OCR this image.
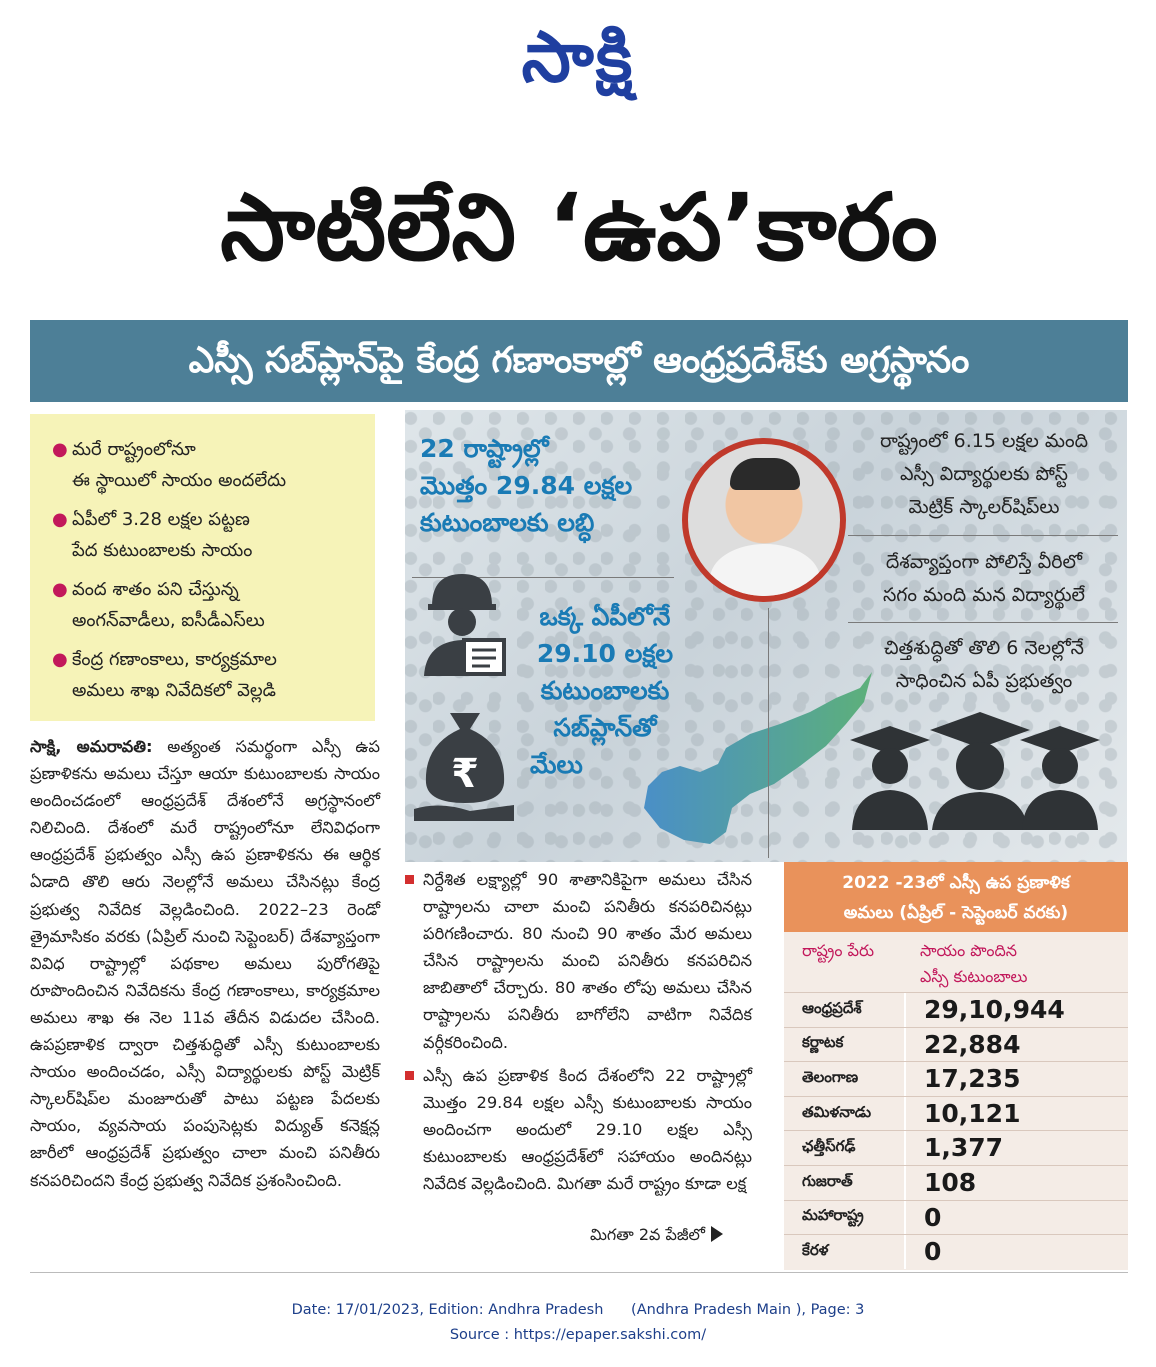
సాక్షి
సాటిలేని ‘ఉప’కారం
ఎస్సీ సబ్‌ప్లాన్‌పై కేంద్ర గణాంకాల్లో ఆంధ్రప్రదేశ్‌కు అగ్రస్థానం
● మరే రాష్ట్రంలోనూ
ఈ స్థాయిలో సాయం అందలేదు
● ఏపీలో 3.28 లక్షల పట్టణ
పేద కుటుంబాలకు సాయం
● వంద శాతం పని చేస్తున్న
అంగన్‌వాడీలు, ఐసీడీఎస్‌లు
● కేంద్ర గణాంకాలు, కార్యక్రమాల
అమలు శాఖ నివేదికలో వెల్లడి
22 రాష్ట్రాల్లో
మొత్తం 29.84 లక్షల
కుటుంబాలకు లబ్ధి
₹
ఒక్క ఏపీలోనే
29.10 లక్షల
కుటుంబాలకు
సబ్‌ప్లాన్‌తో
మేలు
రాష్ట్రంలో 6.15 లక్షల మంది
ఎస్సీ విద్యార్థులకు పోస్ట్
మెట్రిక్ స్కాలర్‌షిప్‌లు
దేశవ్యాప్తంగా పోలిస్తే వీరిలో
సగం మంది మన విద్యార్థులే
చిత్తశుద్ధితో తొలి 6 నెలల్లోనే
సాధించిన ఏపీ ప్రభుత్వం
సాక్షి, అమరావతి: అత్యంత సమర్థంగా ఎస్సీ ఉప ప్రణాళికను అమలు చేస్తూ ఆయా కుటుంబాలకు సాయం అందించడంలో ఆంధ్రప్రదేశ్ దేశంలోనే అగ్రస్థానంలో నిలిచింది. దేశంలో మరే రాష్ట్రంలోనూ లేనివిధంగా ఆంధ్రప్రదేశ్ ప్రభుత్వం ఎస్సీ ఉప ప్రణాళికను ఈ ఆర్థిక ఏడాది తొలి ఆరు నెలల్లోనే అమలు చేసినట్లు కేంద్ర ప్రభుత్వ నివేదిక వెల్లడించింది. 2022–23 రెండో త్రైమాసికం వరకు (ఏప్రిల్ నుంచి సెప్టెంబర్) దేశవ్యాప్తంగా వివిధ రాష్ట్రాల్లో పథకాల అమలు పురోగతిపై రూపొందించిన నివేదికను కేంద్ర గణాంకాలు, కార్యక్రమాల అమలు శాఖ ఈ నెల 11వ తేదీన విడుదల చేసింది. ఉపప్రణాళిక ద్వారా చిత్తశుద్ధితో ఎస్సీ కుటుంబాలకు సాయం అందించడం, ఎస్సీ విద్యార్థులకు పోస్ట్ మెట్రిక్ స్కాలర్‌షిప్‌ల మంజూరుతో పాటు పట్టణ పేదలకు సాయం, వ్యవసాయ పంపుసెట్లకు విద్యుత్ కనెక్షన్ల జారీలో ఆంధ్రప్రదేశ్ ప్రభుత్వం చాలా మంచి పనితీరు కనపరిచిందని కేంద్ర ప్రభుత్వ నివేదిక ప్రశంసించింది.
నిర్దేశిత లక్ష్యాల్లో 90 శాతానికిపైగా అమలు చేసిన రాష్ట్రాలను చాలా మంచి పనితీరు కనపరిచినట్లు పరిగణించారు. 80 నుంచి 90 శాతం మేర అమలు చేసిన రాష్ట్రాలను మంచి పనితీరు కనపరిచిన జాబితాలో చేర్చారు. 80 శాతం లోపు అమలు చేసిన రాష్ట్రాలను పనితీరు బాగోలేని వాటిగా నివేదిక వర్గీకరించింది.
ఎస్సీ ఉప ప్రణాళిక కింద దేశంలోని 22 రాష్ట్రాల్లో మొత్తం 29.84 లక్షల ఎస్సీ కుటుంబాలకు సాయం అందించగా అందులో 29.10 లక్షల ఎస్సీ కుటుంబాలకు ఆంధ్రప్రదేశ్‌లో సహాయం అందినట్లు నివేదిక వెల్లడించింది. మిగతా మరే రాష్ట్రం కూడా లక్ష
మిగతా 2వ పేజీలో
2022 -23లో ఎస్సీ ఉప ప్రణాళిక
అమలు (ఏప్రిల్ - సెప్టెంబర్ వరకు)
రాష్ట్రం పేరు	సాయం పొందిన
ఎస్సీ కుటుంబాలు
ఆంధ్రప్రదేశ్	29,10,944
కర్ణాటక	22,884
తెలంగాణ	17,235
తమిళనాడు	10,121
ఛత్తీస్‌గఢ్	1,377
గుజరాత్	108
మహారాష్ట్ర	0
కేరళ	0
Date: 17/01/2023, Edition: Andhra Pradesh      (Andhra Pradesh Main ), Page: 3
Source : https://epaper.sakshi.com/
